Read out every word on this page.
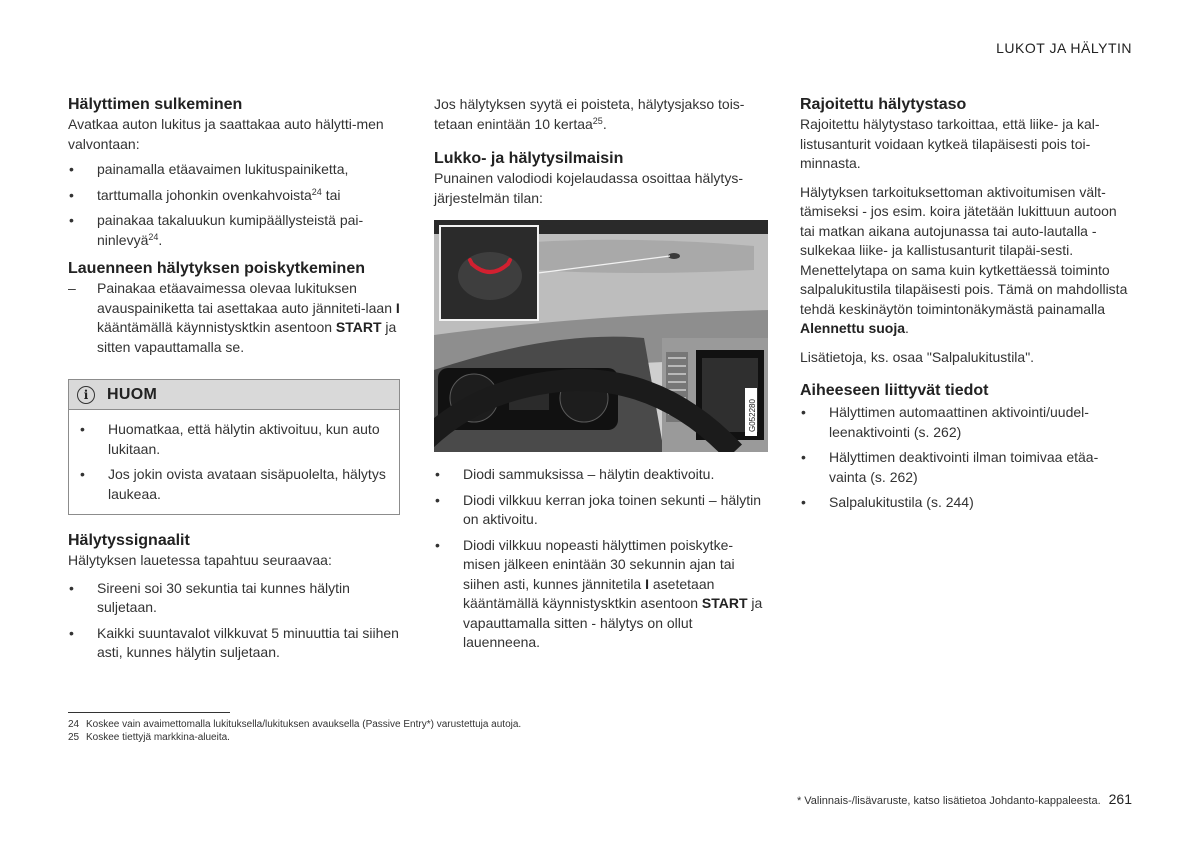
LUKOT JA HÄLYTIN
Hälyttimen sulkeminen

Avatkaa auton lukitus ja saattakaa auto hälytti-men valvontaan:

• painamalla etäavaimen lukituspainiketta,
• tarttumalla johonkin ovenkahvoista$^{24}$ tai
• painakaa takaluukun kumipäällysteistä pai-ninlevyä$^{24}$.
Lauenneen hälytyksen poiskytkeminen
– Painakaa etäavaimessa olevaa lukituksen avauspainiketta tai asettakaa auto jänniteti-laan I kääntämällä käynnistysktkin asentoon START ja sitten vapauttamalla se.
i	HUOM
• Huomatkaa, että hälytin aktivoituu, kun auto lukitaan.
• Jos jokin ovista avataan sisäpuolelta, hälytys laukeaa.
Hälytyssignaalit

Hälytyksen lauetessa tapahtuu seuraavaa:

• Sireeni soi 30 sekuntia tai kunnes hälytin suljetaan.
• Kaikki suuntavalot vilkkuvat 5 minuuttia tai siihen asti, kunnes hälytin suljetaan.

Jos hälytyksen syytä ei poisteta, hälytysjakso tois-tetaan enintään 10 kertaa$^{25}$.

Lukko- ja hälytysilmaisin

Punainen valodiodi kojelaudassa osoittaa hälytys-järjestelmän tilan:

48
G052280
• Diodi sammuksissa – hälytin deaktivoitu.
• Diodi vilkkuu kerran joka toinen sekunti – hälytin on aktivoitu.
• Diodi vilkkuu nopeasti hälyttimen poiskytke-misen jälkeen enintään 30 sekunnin ajan tai siihen asti, kunnes jännitetila I asetetaan kääntämällä käynnistysktkin asentoon START ja vapauttamalla sitten - hälytys on ollut lauenneena.
Rajoitettu hälytystaso

Rajoitettu hälytystaso tarkoittaa, että liike- ja kal-listusanturit voidaan kytkeä tilapäisesti pois toi-minnasta.

Hälytyksen tarkoituksettoman aktivoitumisen vält-tämiseksi - jos esim. koira jätetään lukittuun autoon tai matkan aikana autojunassa tai auto-lautalla - sulkekaa liike- ja kallistusanturit tilapäi-sesti. Menettelytapa on sama kuin kytkettäessä toiminto salpalukitustila tilapäisesti pois. Tämä on mahdollista tehdä keskinäytön toimintonäkymästä painamalla Alennettu suoja.

Lisätietoja, ks. osaa "Salpalukitustila".

Aiheeseen liittyvät tiedot
• Hälyttimen automaattinen aktivointi/uudel-leenaktivointi (s. 262)
• Hälyttimen deaktivointi ilman toimivaa etäa-vainta (s. 262)
• Salpalukitustila (s. 244)
24 Koskee vain avaimettomalla lukituksella/lukituksen avauksella (Passive Entry*) varustettuja autoja.
25 Koskee tiettyjä markkina-alueita.
* Valinnais-/lisävaruste, katso lisätietoa Johdanto-kappaleesta. 261
